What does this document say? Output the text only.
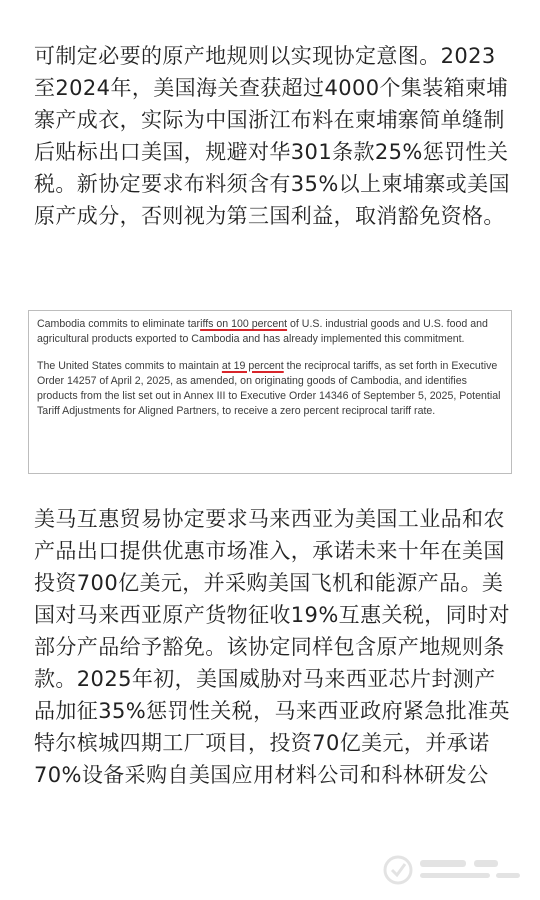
可制定必要的原产地规则以实现协定意图。2023至2024年，美国海关查获超过4000个集装箱柬埔寨产成衣，实际为中国浙江布料在柬埔寨简单缝制后贴标出口美国，规避对华301条款25%惩罚性关税。新协定要求布料须含有35%以上柬埔寨或美国原产成分，否则视为第三国利益，取消豁免资格。

Cambodia commits to eliminate tariffs on 100 percent of U.S. industrial goods and U.S. food and agricultural products exported to Cambodia and has already implemented this commitment.

The United States commits to maintain at 19 percent the reciprocal tariffs, as set forth in Executive Order 14257 of April 2, 2025, as amended, on originating goods of Cambodia, and identifies products from the list set out in Annex III to Executive Order 14346 of September 5, 2025, Potential Tariff Adjustments for Aligned Partners, to receive a zero percent reciprocal tariff rate.

美马互惠贸易协定要求马来西亚为美国工业品和农产品出口提供优惠市场准入，承诺未来十年在美国投资700亿美元，并采购美国飞机和能源产品。美国对马来西亚原产货物征收19%互惠关税，同时对部分产品给予豁免。该协定同样包含原产地规则条款。2025年初，美国威胁对马来西亚芯片封测产品加征35%惩罚性关税，马来西亚政府紧急批准英特尔槟城四期工厂项目，投资70亿美元，并承诺70%设备采购自美国应用材料公司和科林研发公
